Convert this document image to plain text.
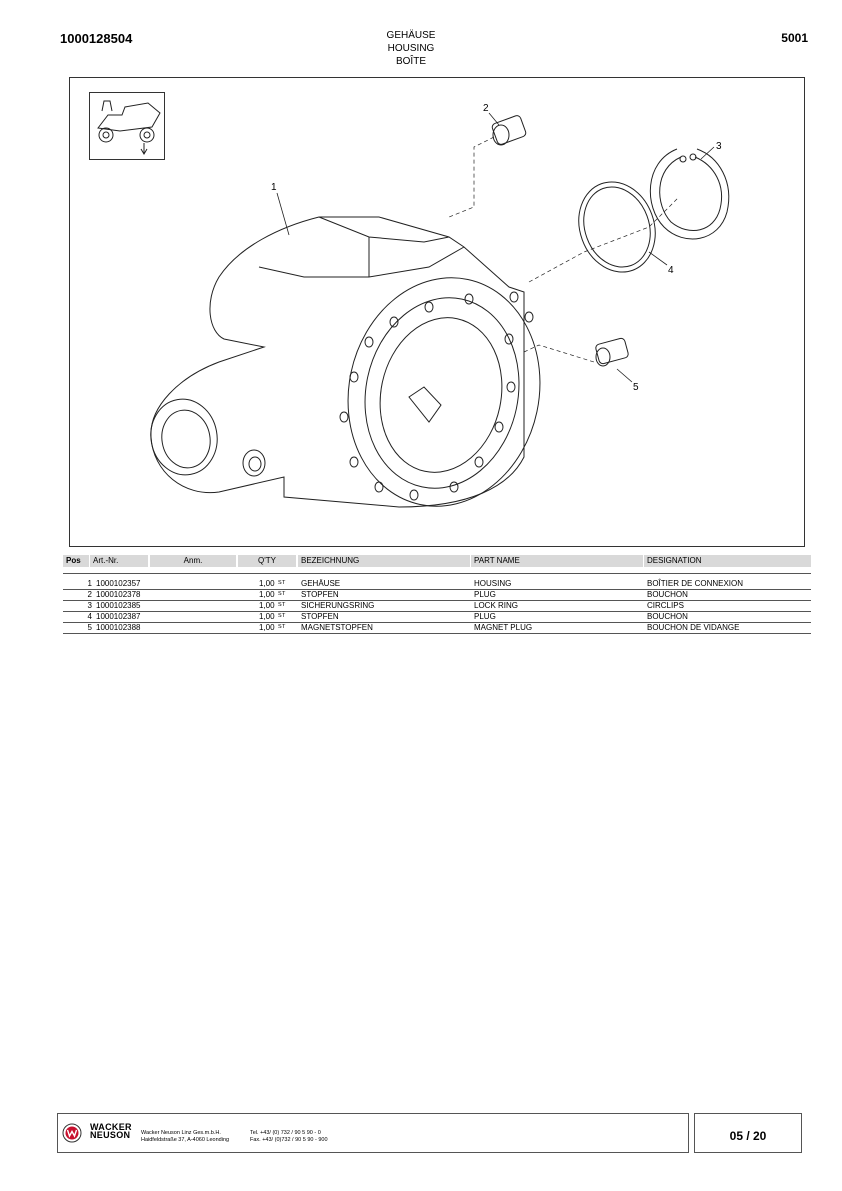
1000128504	GEHÄUSE
HOUSING
BOÎTE
5001
1
2
3
4
5
Pos	Art.-Nr.	Anm.	Q'TY	BEZEICHNUNG	PART NAME	DESIGNATION
1 1000102357	1,00 ST GEHÄUSE	HOUSING	BOÎTIER DE CONNEXION
2 1000102378	1,00 ST STOPFEN	PLUG	BOUCHON
3 1000102385	1,00 ST SICHERUNGSRING	LOCK RING	CIRCLIPS
4 1000102387	1,00 ST STOPFEN	PLUG	BOUCHON
5 1000102388	1,00 ST MAGNETSTOPFEN	MAGNET PLUG	BOUCHON DE VIDANGE
WACKER
NEUSON Wacker Neuson Linz Ges.m.b.H.
Haidfeldstraße 37, A-4060 Leonding
Tel. +43/ (0) 732 / 90 5 90 - 0
Fax. +43/ (0)732 / 90 5 90 - 900	05 / 20
